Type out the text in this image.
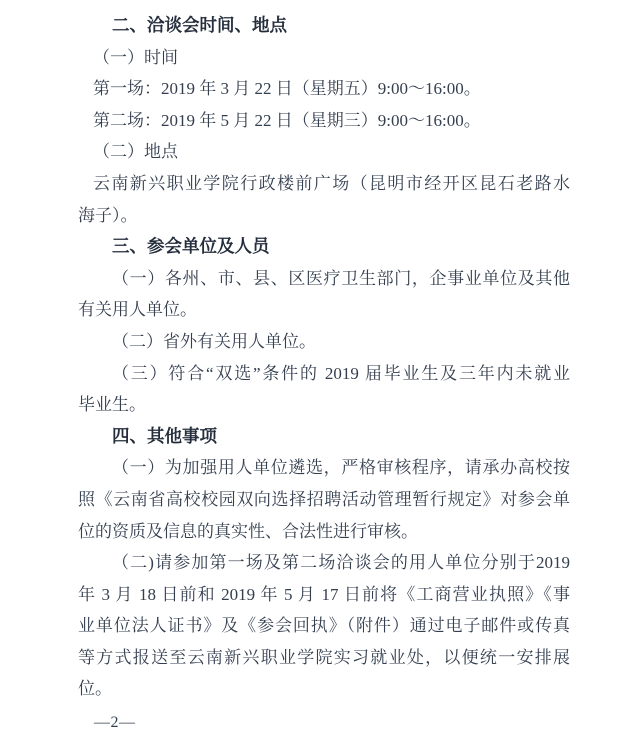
二、洽谈会时间、地点
（一）时间
第一场：2019 年 3 月 22 日（星期五）9:00～16:00。
第二场：2019 年 5 月 22 日（星期三）9:00～16:00。
（二）地点
云南新兴职业学院行政楼前广场（昆明市经开区昆石老路水
海子）。
三、参会单位及人员
（一）各州、市、县、区医疗卫生部门，企事业单位及其他
有关用人单位。
（二）省外有关用人单位。
（三）符合“双选”条件的 2019 届毕业生及三年内未就业
毕业生。
四、其他事项
（一）为加强用人单位遴选，严格审核程序，请承办高校按
照《云南省高校校园双向选择招聘活动管理暂行规定》对参会单
位的资质及信息的真实性、合法性进行审核。
（二)请参加第一场及第二场洽谈会的用人单位分别于2019
年 3 月 18 日前和 2019 年 5 月 17 日前将《工商营业执照》《事
业单位法人证书》及《参会回执》（附件）通过电子邮件或传真
等方式报送至云南新兴职业学院实习就业处，以便统一安排展
位。
—2—
